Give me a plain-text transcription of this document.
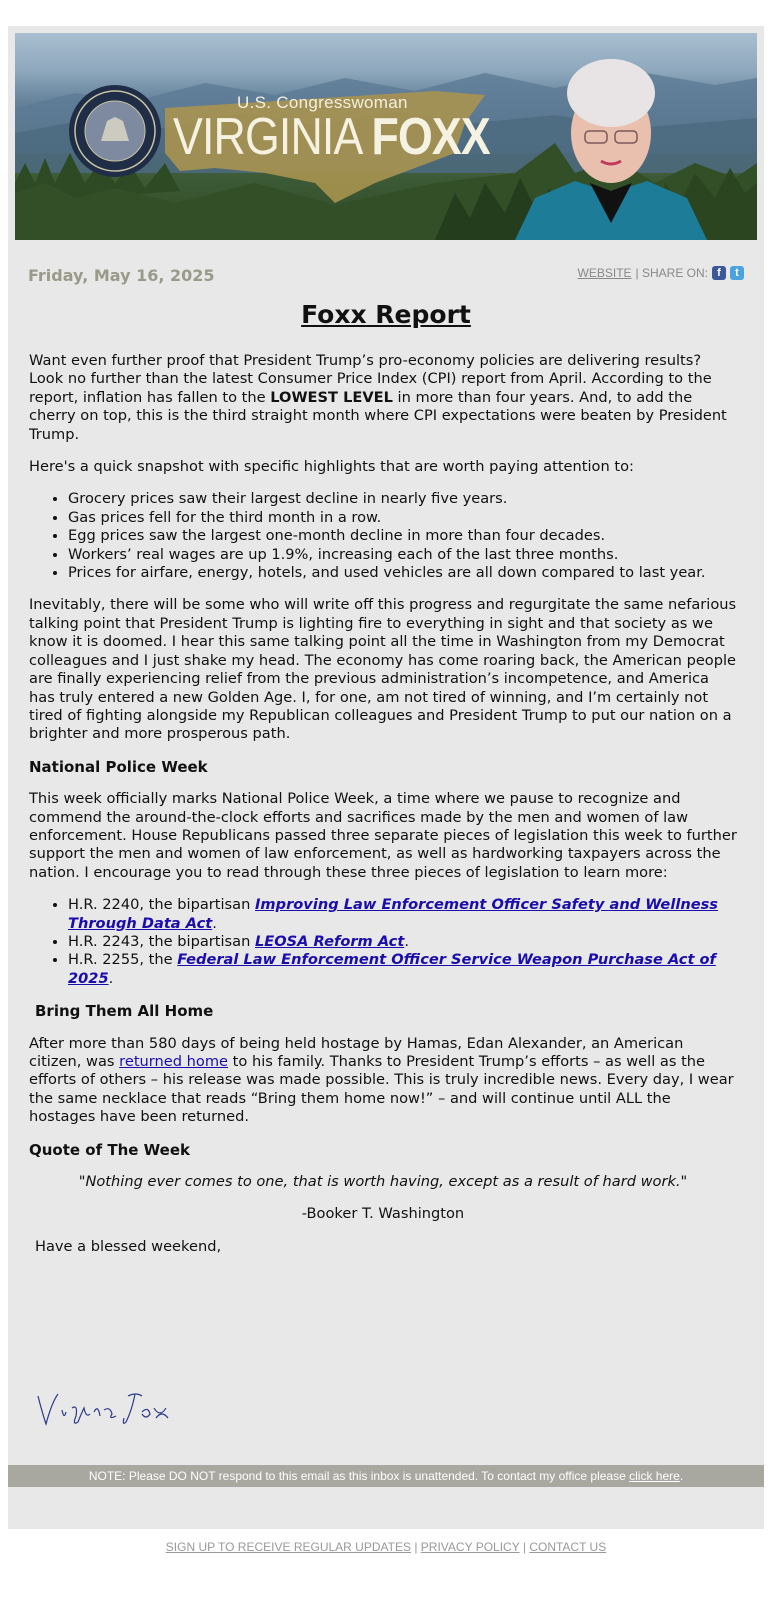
U.S. Congresswoman
VIRGINIA FOXX
Friday, May 16, 2025	WEBSITE | SHARE ON: f	t
Foxx Report

Want even further proof that President Trump’s pro-economy policies are delivering results? Look no further than the latest Consumer Price Index (CPI) report from April. According to the report, inflation has fallen to the LOWEST LEVEL in more than four years. And, to add the cherry on top, this is the third straight month where CPI expectations were beaten by President Trump.

Here's a quick snapshot with specific highlights that are worth paying attention to:

• Grocery prices saw their largest decline in nearly five years.
• Gas prices fell for the third month in a row.
• Egg prices saw the largest one-month decline in more than four decades.
• Workers’ real wages are up 1.9%, increasing each of the last three months.
• Prices for airfare, energy, hotels, and used vehicles are all down compared to last year.

Inevitably, there will be some who will write off this progress and regurgitate the same nefarious talking point that President Trump is lighting fire to everything in sight and that society as we know it is doomed. I hear this same talking point all the time in Washington from my Democrat colleagues and I just shake my head. The economy has come roaring back, the American people are finally experiencing relief from the previous administration’s incompetence, and America has truly entered a new Golden Age. I, for one, am not tired of winning, and I’m certainly not tired of fighting alongside my Republican colleagues and President Trump to put our nation on a brighter and more prosperous path.

National Police Week

This week officially marks National Police Week, a time where we pause to recognize and commend the around-the-clock efforts and sacrifices made by the men and women of law enforcement. House Republicans passed three separate pieces of legislation this week to further support the men and women of law enforcement, as well as hardworking taxpayers across the nation. I encourage you to read through these three pieces of legislation to learn more:

• H.R. 2240, the bipartisan Improving Law Enforcement Officer Safety and Wellness Through Data Act.
• H.R. 2243, the bipartisan LEOSA Reform Act.
• H.R. 2255, the Federal Law Enforcement Officer Service Weapon Purchase Act of 2025.
Bring Them All Home

After more than 580 days of being held hostage by Hamas, Edan Alexander, an American citizen, was returned home to his family. Thanks to President Trump’s efforts – as well as the efforts of others – his release was made possible. This is truly incredible news. Every day, I wear the same necklace that reads “Bring them home now!” – and will continue until ALL the hostages have been returned.

Quote of The Week
"Nothing ever comes to one, that is worth having, except as a result of hard work."
-Booker T. Washington
Have a blessed weekend,
NOTE: Please DO NOT respond to this email as this inbox is unattended. To contact my office please click here.
SIGN UP TO RECEIVE REGULAR UPDATES | PRIVACY POLICY | CONTACT US
